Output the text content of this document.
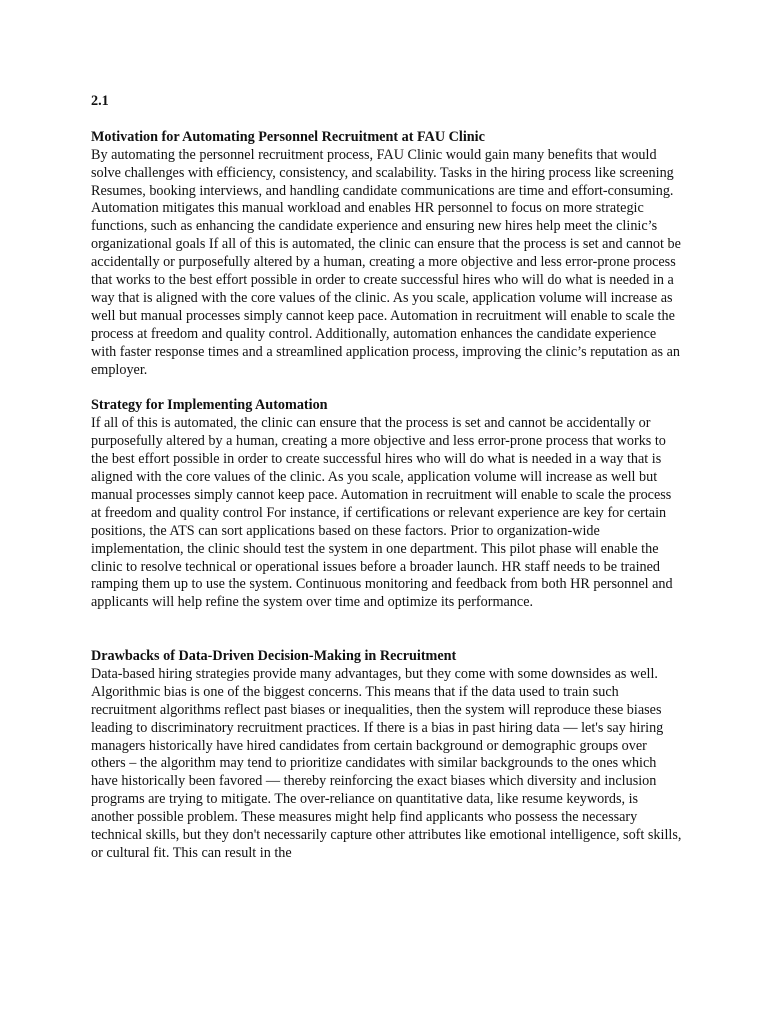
2.1
Motivation for Automating Personnel Recruitment at FAU Clinic

By automating the personnel recruitment process, FAU Clinic would gain many benefits that would solve challenges with efficiency, consistency, and scalability. Tasks in the hiring process like screening Resumes, booking interviews, and handling candidate communications are time and effort-consuming. Automation mitigates this manual workload and enables HR personnel to focus on more strategic functions, such as enhancing the candidate experience and ensuring new hires help meet the clinic’s organizational goals If all of this is automated, the clinic can ensure that the process is set and cannot be accidentally or purposefully altered by a human, creating a more objective and less error-prone process that works to the best effort possible in order to create successful hires who will do what is needed in a way that is aligned with the core values of the clinic. As you scale, application volume will increase as well but manual processes simply cannot keep pace. Automation in recruitment will enable to scale the process at freedom and quality control. Additionally, automation enhances the candidate experience with faster response times and a streamlined application process, improving the clinic’s reputation as an employer.

Strategy for Implementing Automation

If all of this is automated, the clinic can ensure that the process is set and cannot be accidentally or purposefully altered by a human, creating a more objective and less error-prone process that works to the best effort possible in order to create successful hires who will do what is needed in a way that is aligned with the core values of the clinic. As you scale, application volume will increase as well but manual processes simply cannot keep pace. Automation in recruitment will enable to scale the process at freedom and quality control For instance, if certifications or relevant experience are key for certain positions, the ATS can sort applications based on these factors. Prior to organization-wide implementation, the clinic should test the system in one department. This pilot phase will enable the clinic to resolve technical or operational issues before a broader launch. HR staff needs to be trained ramping them up to use the system. Continuous monitoring and feedback from both HR personnel and applicants will help refine the system over time and optimize its performance.

Drawbacks of Data-Driven Decision-Making in Recruitment

Data-based hiring strategies provide many advantages, but they come with some downsides as well. Algorithmic bias is one of the biggest concerns. This means that if the data used to train such recruitment algorithms reflect past biases or inequalities, then the system will reproduce these biases leading to discriminatory recruitment practices. If there is a bias in past hiring data — let's say hiring managers historically have hired candidates from certain background or demographic groups over others – the algorithm may tend to prioritize candidates with similar backgrounds to the ones which have historically been favored — thereby reinforcing the exact biases which diversity and inclusion programs are trying to mitigate. The over-reliance on quantitative data, like resume keywords, is another possible problem. These measures might help find applicants who possess the necessary technical skills, but they don't necessarily capture other attributes like emotional intelligence, soft skills, or cultural fit. This can result in the
